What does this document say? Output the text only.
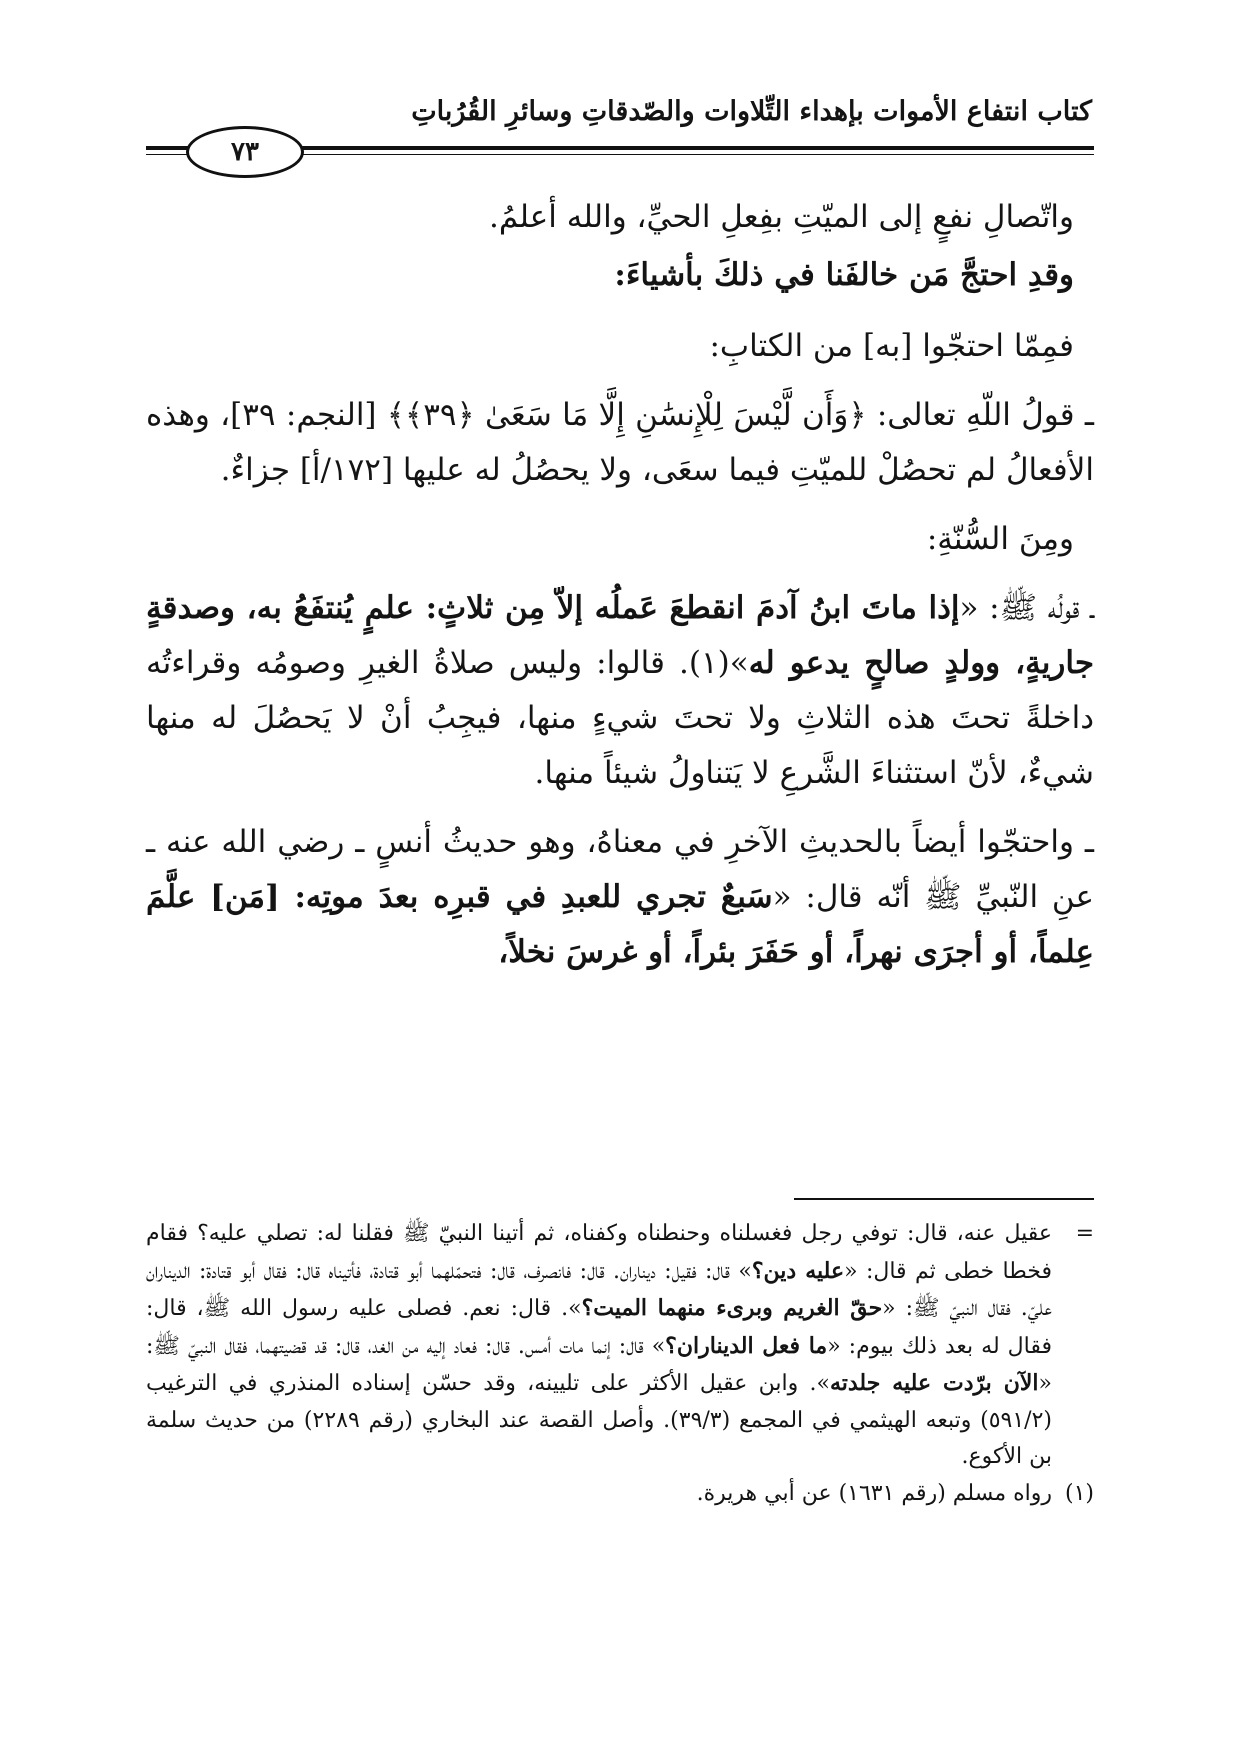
كتاب انتفاع الأموات بإهداء التِّلاوات والصّدقاتِ وسائرِ القُرُباتِ
٧٣

واتّصالِ نفعٍ إلى الميّتِ بفِعلِ الحيِّ، والله أعلمُ.

وقدِ احتجَّ مَن خالفَنا في ذلكَ بأشياءَ:

فمِمّا احتجّوا [به] من الكتابِ:

ـ قولُ اللّهِ تعالى: ﴿وَأَن لَّيْسَ لِلْإِنسَٰنِ إِلَّا مَا سَعَىٰ ﴿٣٩﴾﴾ [النجم: ٣٩]، وهذه الأفعالُ لم تحصُلْ للميّتِ فيما سعَى، ولا يحصُلُ له عليها [١٧٢/أ] جزاءٌ.

ومِنَ السُّنّةِ:

ـ قولُه ﷺ: «إذا ماتَ ابنُ آدمَ انقطعَ عَملُه إلاّ مِن ثلاثٍ: علمٍ يُنتفَعُ به، وصدقةٍ جاريةٍ، وولدٍ صالحٍ يدعو له»(١). قالوا: وليس صلاةُ الغيرِ وصومُه وقراءتُه داخلةً تحتَ هذه الثلاثِ ولا تحتَ شيءٍ منها، فيجِبُ أنْ لا يَحصُلَ له منها شيءٌ، لأنّ استثناءَ الشَّرعِ لا يَتناولُ شيئاً منها.

ـ واحتجّوا أيضاً بالحديثِ الآخرِ في معناهُ، وهو حديثُ أنسٍ ـ رضي الله عنه ـ عنِ النّبيِّ ﷺ أنّه قال: «سَبعٌ تجري للعبدِ في قبرِه بعدَ موتِه: [مَن] علَّمَ عِلماً، أو أجرَى نهراً، أو حَفَرَ بئراً، أو غرسَ نخلاً،

=
عقيل عنه، قال: توفي رجل فغسلناه وحنطناه وكفناه، ثم أتينا النبيّ ﷺ فقلنا له: تصلي عليه؟ فقام فخطا خطى ثم قال: «عليه دين؟» قال: فقيل: ديناران. قال: فانصرف، قال: فتحمّلهما أبو قتادة، فأتيناه قال: فقال أبو قتادة: الديناران عليّ. فقال النبيّ ﷺ: «حقّ الغريم وبرىء منهما الميت؟». قال: نعم. فصلى عليه رسول الله ﷺ، قال: فقال له بعد ذلك بيوم: «ما فعل الديناران؟» قال: إنما مات أمس. قال: فعاد إليه من الغد، قال: قد قضيتهما، فقال النبيّ ﷺ: «الآن برّدت عليه جلدته». وابن عقيل الأكثر على تليينه، وقد حسّن إسناده المنذري في الترغيب (٥٩١/٢) وتبعه الهيثمي في المجمع (٣٩/٣). وأصل القصة عند البخاري (رقم ٢٢٨٩) من حديث سلمة بن الأكوع.
(١)
رواه مسلم (رقم ١٦٣١) عن أبي هريرة.
